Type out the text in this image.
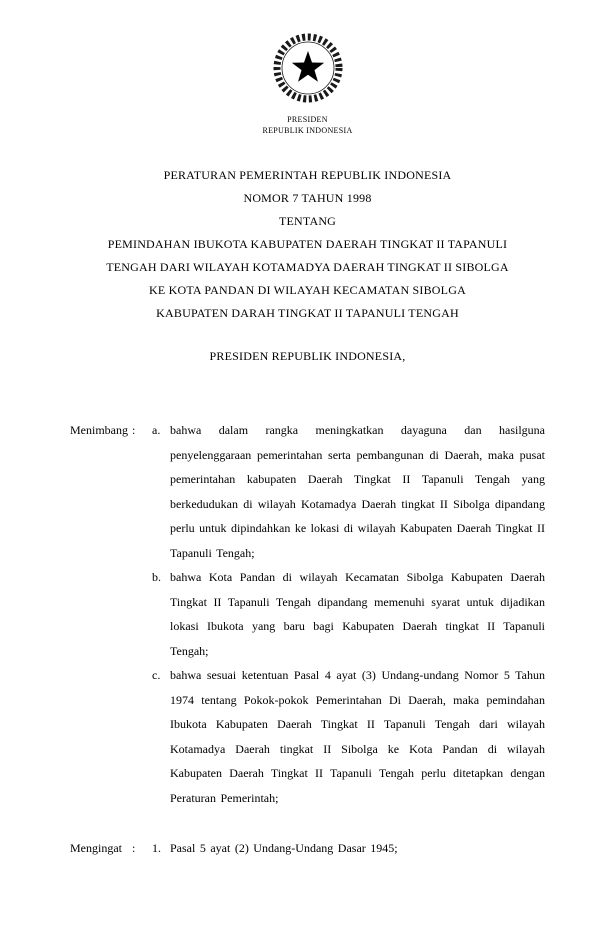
PRESIDEN
REPUBLIK INDONESIA
PERATURAN PEMERINTAH REPUBLIK INDONESIA
NOMOR 7 TAHUN 1998
TENTANG
PEMINDAHAN IBUKOTA KABUPATEN DAERAH TINGKAT II TAPANULI
TENGAH DARI WILAYAH KOTAMADYA DAERAH TINGKAT II SIBOLGA
KE KOTA PANDAN DI WILAYAH KECAMATAN SIBOLGA
KABUPATEN DARAH TINGKAT II TAPANULI TENGAH
PRESIDEN REPUBLIK INDONESIA,
Menimbang :	a. bahwa dalam rangka meningkatkan dayaguna dan hasilguna penyelenggaraan pemerintahan serta pembangunan di Daerah, maka pusat pemerintahan kabupaten Daerah Tingkat II Tapanuli Tengah yang berkedudukan di wilayah Kotamadya Daerah tingkat II Sibolga dipandang perlu untuk dipindahkan ke lokasi di wilayah Kabupaten Daerah Tingkat II Tapanuli Tengah;

b. bahwa Kota Pandan di wilayah Kecamatan Sibolga Kabupaten Daerah Tingkat II Tapanuli Tengah dipandang memenuhi syarat untuk dijadikan lokasi Ibukota yang baru bagi Kabupaten Daerah tingkat II Tapanuli Tengah;

c. bahwa sesuai ketentuan Pasal 4 ayat (3) Undang-undang Nomor 5 Tahun 1974 tentang Pokok-pokok Pemerintahan Di Daerah, maka pemindahan Ibukota Kabupaten Daerah Tingkat II Tapanuli Tengah dari wilayah Kotamadya Daerah tingkat II Sibolga ke Kota Pandan di wilayah Kabupaten Daerah Tingkat II Tapanuli Tengah perlu ditetapkan dengan Peraturan Pemerintah;

Mengingat :	1. Pasal 5 ayat (2) Undang-Undang Dasar 1945;
